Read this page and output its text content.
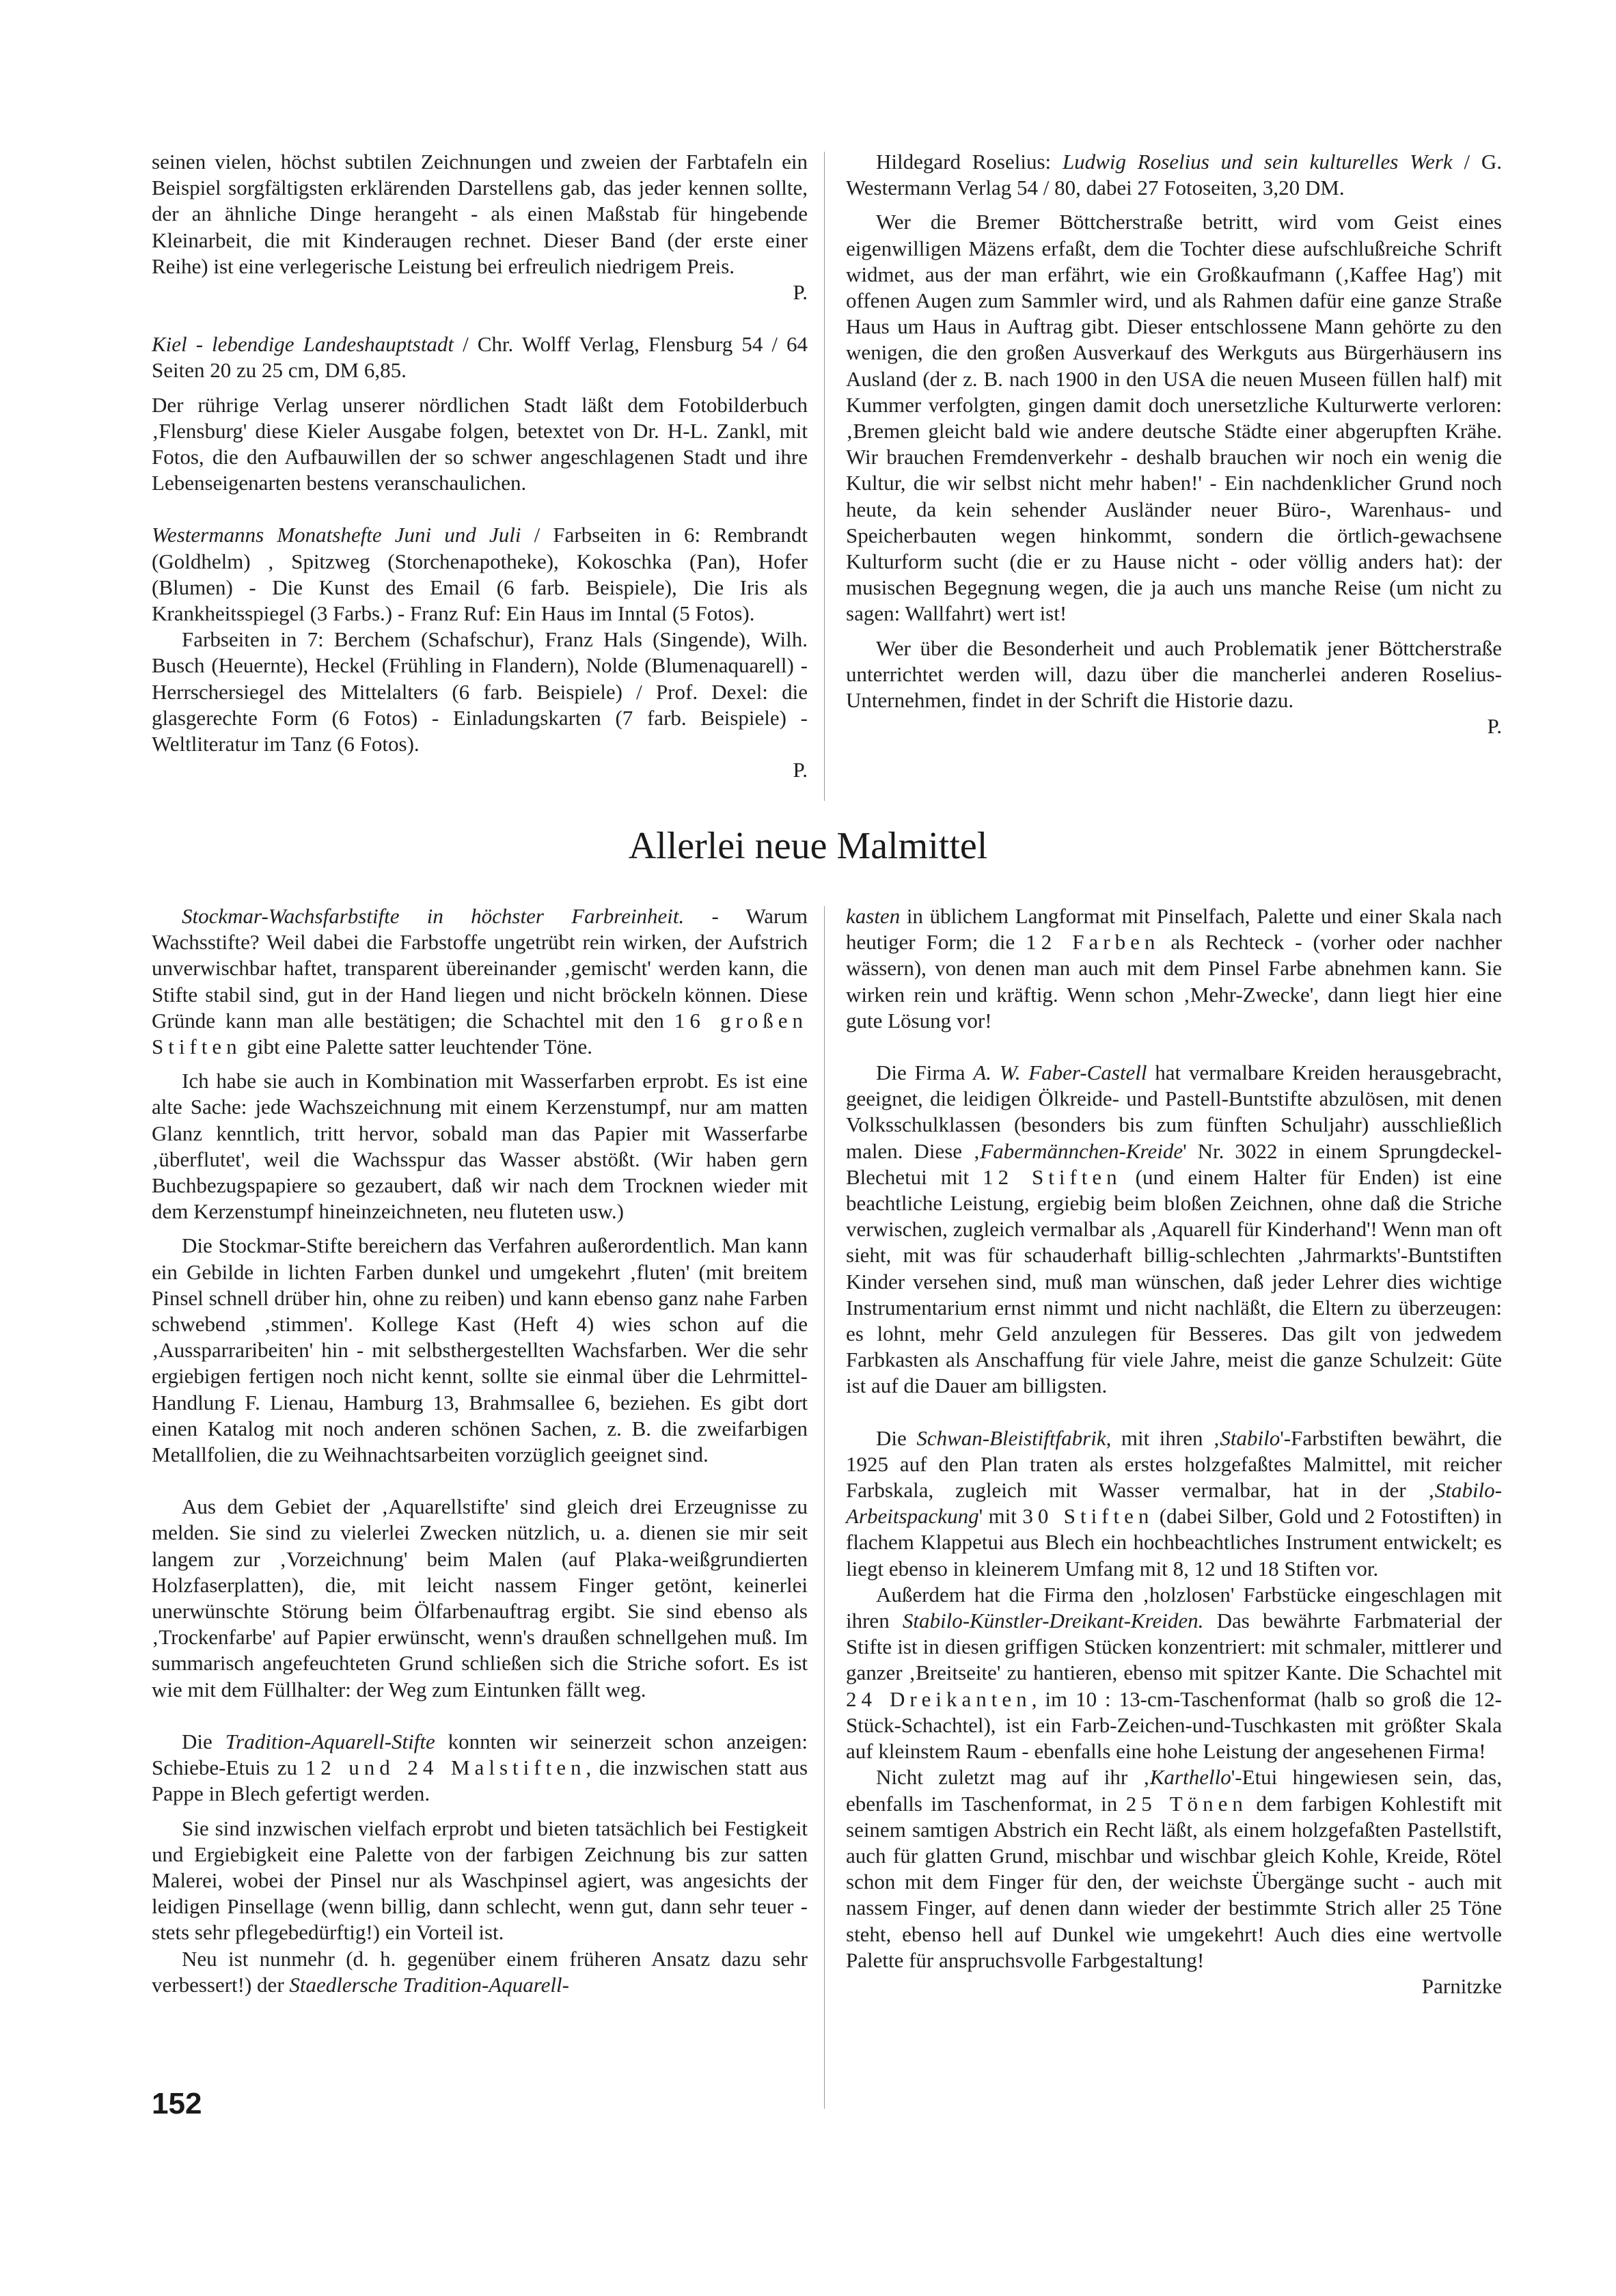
seinen vielen, höchst subtilen Zeichnungen und zweien der Farbtafeln ein Beispiel sorgfältigsten erklärenden Darstellens gab, das jeder kennen sollte, der an ähnliche Dinge herangeht - als einen Maßstab für hingebende Kleinarbeit, die mit Kinderaugen rechnet. Dieser Band (der erste einer Reihe) ist eine verlegerische Leistung bei erfreulich niedrigem Preis.

P.

Kiel - lebendige Landeshauptstadt / Chr. Wolff Verlag, Flensburg 54 / 64 Seiten 20 zu 25 cm, DM 6,85.

Der rührige Verlag unserer nördlichen Stadt läßt dem Fotobilderbuch ‚Flensburg' diese Kieler Ausgabe folgen, betextet von Dr. H-L. Zankl, mit Fotos, die den Aufbauwillen der so schwer angeschlagenen Stadt und ihre Lebenseigenarten bestens veranschaulichen.

Westermanns Monatshefte Juni und Juli / Farbseiten in 6: Rembrandt (Goldhelm) , Spitzweg (Storchenapotheke), Kokoschka (Pan), Hofer (Blumen) - Die Kunst des Email (6 farb. Beispiele), Die Iris als Krankheitsspiegel (3 Farbs.) - Franz Ruf: Ein Haus im Inntal (5 Fotos).

Farbseiten in 7: Berchem (Schafschur), Franz Hals (Singende), Wilh. Busch (Heuernte), Heckel (Frühling in Flandern), Nolde (Blumenaquarell) - Herrschersiegel des Mittelalters (6 farb. Beispiele) / Prof. Dexel: die glasgerechte Form (6 Fotos) - Einladungskarten (7 farb. Beispiele) - Weltliteratur im Tanz (6 Fotos).

P.

Hildegard Roselius: Ludwig Roselius und sein kulturelles Werk / G. Westermann Verlag 54 / 80, dabei 27 Fotoseiten, 3,20 DM.

Wer die Bremer Böttcherstraße betritt, wird vom Geist eines eigenwilligen Mäzens erfaßt, dem die Tochter diese aufschlußreiche Schrift widmet, aus der man erfährt, wie ein Großkaufmann (‚Kaffee Hag') mit offenen Augen zum Sammler wird, und als Rahmen dafür eine ganze Straße Haus um Haus in Auftrag gibt. Dieser entschlossene Mann gehörte zu den wenigen, die den großen Ausverkauf des Werkguts aus Bürgerhäusern ins Ausland (der z. B. nach 1900 in den USA die neuen Museen füllen half) mit Kummer verfolgten, gingen damit doch unersetzliche Kulturwerte verloren: ‚Bremen gleicht bald wie andere deutsche Städte einer abgerupften Krähe. Wir brauchen Fremdenverkehr - deshalb brauchen wir noch ein wenig die Kultur, die wir selbst nicht mehr haben!' - Ein nachdenklicher Grund noch heute, da kein sehender Ausländer neuer Büro-, Warenhaus- und Speicherbauten wegen hinkommt, sondern die örtlich-gewachsene Kulturform sucht (die er zu Hause nicht - oder völlig anders hat): der musischen Begegnung wegen, die ja auch uns manche Reise (um nicht zu sagen: Wallfahrt) wert ist!

Wer über die Besonderheit und auch Problematik jener Böttcherstraße unterrichtet werden will, dazu über die mancherlei anderen Roselius-Unternehmen, findet in der Schrift die Historie dazu.

P.

Allerlei neue Malmittel

Stockmar-Wachsfarbstifte in höchster Farbreinheit. - Warum Wachsstifte? Weil dabei die Farbstoffe ungetrübt rein wirken, der Aufstrich unverwischbar haftet, transparent übereinander ‚gemischt' werden kann, die Stifte stabil sind, gut in der Hand liegen und nicht bröckeln können. Diese Gründe kann man alle bestätigen; die Schachtel mit den 16 großen Stiften gibt eine Palette satter leuchtender Töne.

Ich habe sie auch in Kombination mit Wasserfarben erprobt. Es ist eine alte Sache: jede Wachszeichnung mit einem Kerzenstumpf, nur am matten Glanz kenntlich, tritt hervor, sobald man das Papier mit Wasserfarbe ‚überflutet', weil die Wachsspur das Wasser abstößt. (Wir haben gern Buchbezugspapiere so gezaubert, daß wir nach dem Trocknen wieder mit dem Kerzenstumpf hineinzeichneten, neu fluteten usw.)

Die Stockmar-Stifte bereichern das Verfahren außerordentlich. Man kann ein Gebilde in lichten Farben dunkel und umgekehrt ‚fluten' (mit breitem Pinsel schnell drüber hin, ohne zu reiben) und kann ebenso ganz nahe Farben schwebend ‚stimmen'. Kollege Kast (Heft 4) wies schon auf die ‚Aussparraribeiten' hin - mit selbsthergestellten Wachsfarben. Wer die sehr ergiebigen fertigen noch nicht kennt, sollte sie einmal über die Lehrmittel-Handlung F. Lienau, Hamburg 13, Brahmsallee 6, beziehen. Es gibt dort einen Katalog mit noch anderen schönen Sachen, z. B. die zweifarbigen Metallfolien, die zu Weihnachtsarbeiten vorzüglich geeignet sind.

Aus dem Gebiet der ‚Aquarellstifte' sind gleich drei Erzeugnisse zu melden. Sie sind zu vielerlei Zwecken nützlich, u. a. dienen sie mir seit langem zur ‚Vorzeichnung' beim Malen (auf Plaka-weißgrundierten Holzfaserplatten), die, mit leicht nassem Finger getönt, keinerlei unerwünschte Störung beim Ölfarbenauftrag ergibt. Sie sind ebenso als ‚Trockenfarbe' auf Papier erwünscht, wenn's draußen schnellgehen muß. Im summarisch angefeuchteten Grund schließen sich die Striche sofort. Es ist wie mit dem Füllhalter: der Weg zum Eintunken fällt weg.

Die Tradition-Aquarell-Stifte konnten wir seinerzeit schon anzeigen: Schiebe-Etuis zu 12 und 24 Malstiften, die inzwischen statt aus Pappe in Blech gefertigt werden.

Sie sind inzwischen vielfach erprobt und bieten tatsächlich bei Festigkeit und Ergiebigkeit eine Palette von der farbigen Zeichnung bis zur satten Malerei, wobei der Pinsel nur als Waschpinsel agiert, was angesichts der leidigen Pinsellage (wenn billig, dann schlecht, wenn gut, dann sehr teuer - stets sehr pflegebedürftig!) ein Vorteil ist.

Neu ist nunmehr (d. h. gegenüber einem früheren Ansatz dazu sehr verbessert!) der Staedlersche Tradition-Aquarell-

kasten in üblichem Langformat mit Pinselfach, Palette und einer Skala nach heutiger Form; die 12 Farben als Rechteck - (vorher oder nachher wässern), von denen man auch mit dem Pinsel Farbe abnehmen kann. Sie wirken rein und kräftig. Wenn schon ‚Mehr-Zwecke', dann liegt hier eine gute Lösung vor!

Die Firma A. W. Faber-Castell hat vermalbare Kreiden herausgebracht, geeignet, die leidigen Ölkreide- und Pastell-Buntstifte abzulösen, mit denen Volksschulklassen (besonders bis zum fünften Schuljahr) ausschließlich malen. Diese ‚Fabermännchen-Kreide' Nr. 3022 in einem Sprungdeckel-Blechetui mit 12 Stiften (und einem Halter für Enden) ist eine beachtliche Leistung, ergiebig beim bloßen Zeichnen, ohne daß die Striche verwischen, zugleich vermalbar als ‚Aquarell für Kinderhand'! Wenn man oft sieht, mit was für schauderhaft billig-schlechten ‚Jahrmarkts'-Buntstiften Kinder versehen sind, muß man wünschen, daß jeder Lehrer dies wichtige Instrumentarium ernst nimmt und nicht nachläßt, die Eltern zu überzeugen: es lohnt, mehr Geld anzulegen für Besseres. Das gilt von jedwedem Farbkasten als Anschaffung für viele Jahre, meist die ganze Schulzeit: Güte ist auf die Dauer am billigsten.

Die Schwan-Bleistiftfabrik, mit ihren ‚Stabilo'-Farbstiften bewährt, die 1925 auf den Plan traten als erstes holzgefaßtes Malmittel, mit reicher Farbskala, zugleich mit Wasser vermalbar, hat in der ‚Stabilo-Arbeitspackung' mit 30 Stiften (dabei Silber, Gold und 2 Fotostiften) in flachem Klappetui aus Blech ein hochbeachtliches Instrument entwickelt; es liegt ebenso in kleinerem Umfang mit 8, 12 und 18 Stiften vor.

Außerdem hat die Firma den ‚holzlosen' Farbstücke eingeschlagen mit ihren Stabilo-Künstler-Dreikant-Kreiden. Das bewährte Farbmaterial der Stifte ist in diesen griffigen Stücken konzentriert: mit schmaler, mittlerer und ganzer ‚Breitseite' zu hantieren, ebenso mit spitzer Kante. Die Schachtel mit 24 Dreikanten, im 10 : 13-cm-Taschenformat (halb so groß die 12-Stück-Schachtel), ist ein Farb-Zeichen-und-Tuschkasten mit größter Skala auf kleinstem Raum - ebenfalls eine hohe Leistung der angesehenen Firma!

Nicht zuletzt mag auf ihr ‚Karthello'-Etui hingewiesen sein, das, ebenfalls im Taschenformat, in 25 Tönen dem farbigen Kohlestift mit seinem samtigen Abstrich ein Recht läßt, als einem holzgefaßten Pastellstift, auch für glatten Grund, mischbar und wischbar gleich Kohle, Kreide, Rötel schon mit dem Finger für den, der weichste Übergänge sucht - auch mit nassem Finger, auf denen dann wieder der bestimmte Strich aller 25 Töne steht, ebenso hell auf Dunkel wie umgekehrt! Auch dies eine wertvolle Palette für anspruchsvolle Farbgestaltung!

Parnitzke

152
